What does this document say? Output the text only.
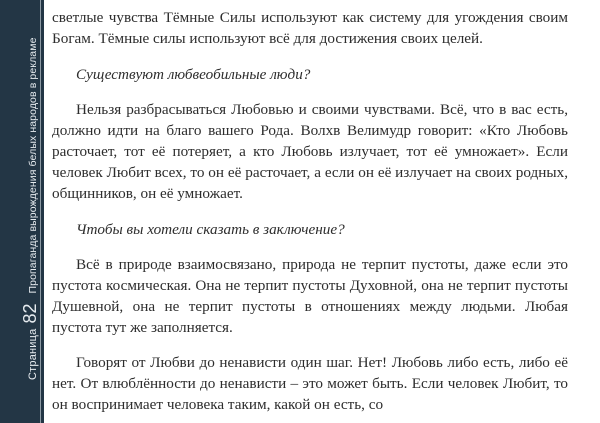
Страница
82
Пропаганда вырождения белых народов в рекламе

светлые чувства Тёмные Силы используют как систему для угождения своим Богам. Тёмные силы используют всё для достижения своих целей.

Существуют любвеобильные люди?

Нельзя разбрасываться Любовью и своими чувствами. Всё, что в вас есть, должно идти на благо вашего Рода. Волхв Велимудр говорит: «Кто Любовь расточает, тот её потеряет, а кто Любовь излучает, тот её умножает». Если человек Любит всех, то он её расточает, а если он её излучает на своих родных, общинников, он её умножает.

Чтобы вы хотели сказать в заключение?

Всё в природе взаимосвязано, природа не терпит пустоты, даже если это пустота космическая. Она не терпит пустоты Духовной, она не терпит пустоты Душевной, она не терпит пустоты в отношениях между людьми. Любая пустота тут же заполняется.

Говорят от Любви до ненависти один шаг. Нет! Любовь либо есть, либо её нет. От влюблённости до ненависти – это может быть. Если человек Любит, то он воспринимает человека таким, какой он есть, со
